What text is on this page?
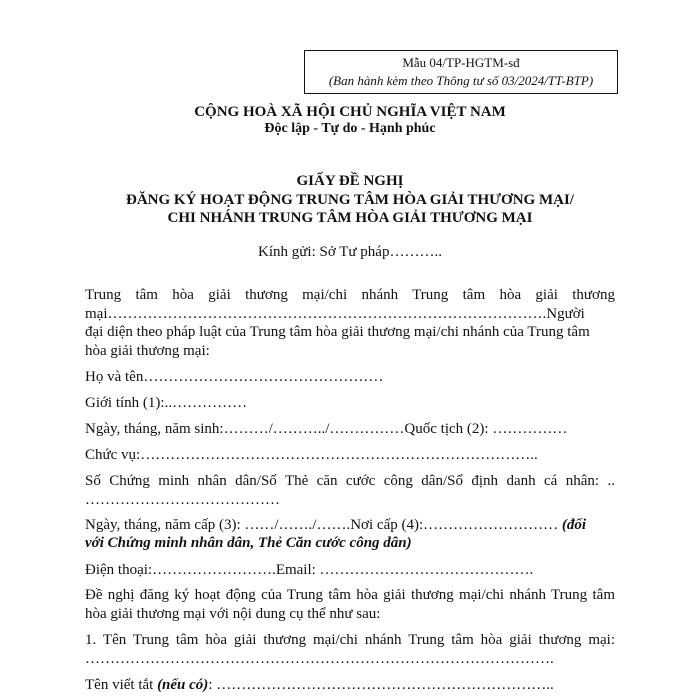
Mẫu 04/TP-HGTM-sđ
(Ban hành kèm theo Thông tư số 03/2024/TT-BTP)
CỘNG HOÀ XÃ HỘI CHỦ NGHĨA VIỆT NAM
Độc lập - Tự do - Hạnh phúc
GIẤY ĐỀ NGHỊ
ĐĂNG KÝ HOẠT ĐỘNG TRUNG TÂM HÒA GIẢI THƯƠNG MẠI/
CHI NHÁNH TRUNG TÂM HÒA GIẢI THƯƠNG MẠI
Kính gửi: Sở Tư pháp………..
Trung tâm hòa giải thương mại/chi nhánh Trung tâm hòa giải thương
mại…………………………………………………………………………….Người
đại diện theo pháp luật của Trung tâm hòa giải thương mại/chi nhánh của Trung tâm
hòa giải thương mại:
Họ và tên…………………………………………
Giới tính (1):..……………
Ngày, tháng, năm sinh:………/………../……………Quốc tịch (2): ……………
Chức vụ:……………………………………………………………………..
Số Chứng minh nhân dân/Số Thẻ căn cước công dân/Số định danh cá nhân: ..
…………………………………
Ngày, tháng, năm cấp (3): ……/……./…….Nơi cấp (4):……………………… (đối
với Chứng minh nhân dân, Thẻ Căn cước công dân)
Điện thoại:…………………….Email: …………………………………….
Đề nghị đăng ký hoạt động của Trung tâm hòa giải thương mại/chi nhánh Trung tâm
hòa giải thương mại với nội dung cụ thể như sau:
1. Tên Trung tâm hòa giải thương mại/chi nhánh Trung tâm hòa giải thương mại:
………………………………………………………………………………….
Tên viết tắt (nếu có): …………………………………………………………..
